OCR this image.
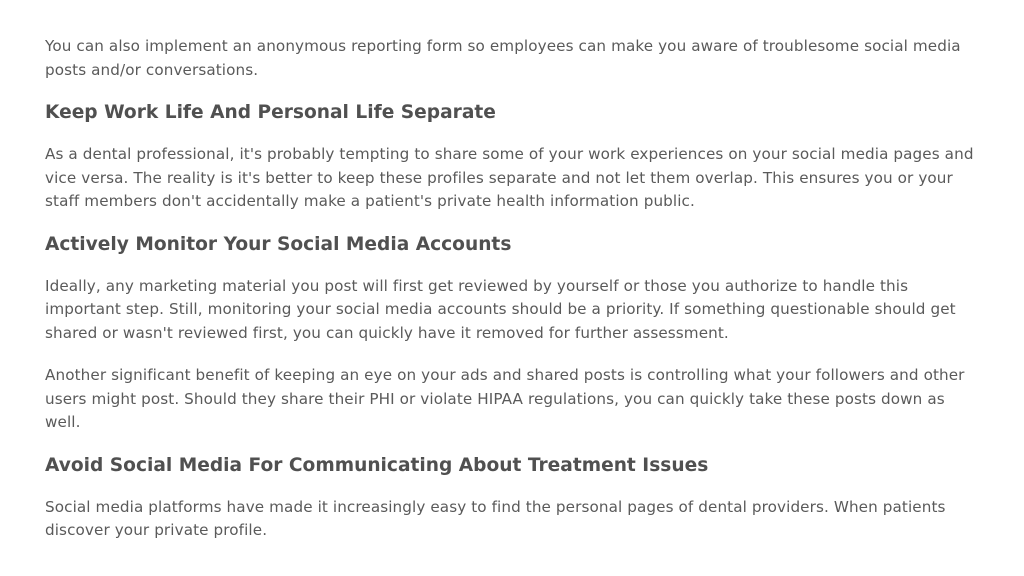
You can also implement an anonymous reporting form so employees can make you aware of troublesome social media posts and/or conversations.

Keep Work Life And Personal Life Separate

As a dental professional, it's probably tempting to share some of your work experiences on your social media pages and vice versa. The reality is it's better to keep these profiles separate and not let them overlap. This ensures you or your staff members don't accidentally make a patient's private health information public.

Actively Monitor Your Social Media Accounts

Ideally, any marketing material you post will first get reviewed by yourself or those you authorize to handle this important step. Still, monitoring your social media accounts should be a priority. If something questionable should get shared or wasn't reviewed first, you can quickly have it removed for further assessment.

Another significant benefit of keeping an eye on your ads and shared posts is controlling what your followers and other users might post. Should they share their PHI or violate HIPAA regulations, you can quickly take these posts down as well.

Avoid Social Media For Communicating About Treatment Issues

Social media platforms have made it increasingly easy to find the personal pages of dental providers. When patients discover your private profile.
